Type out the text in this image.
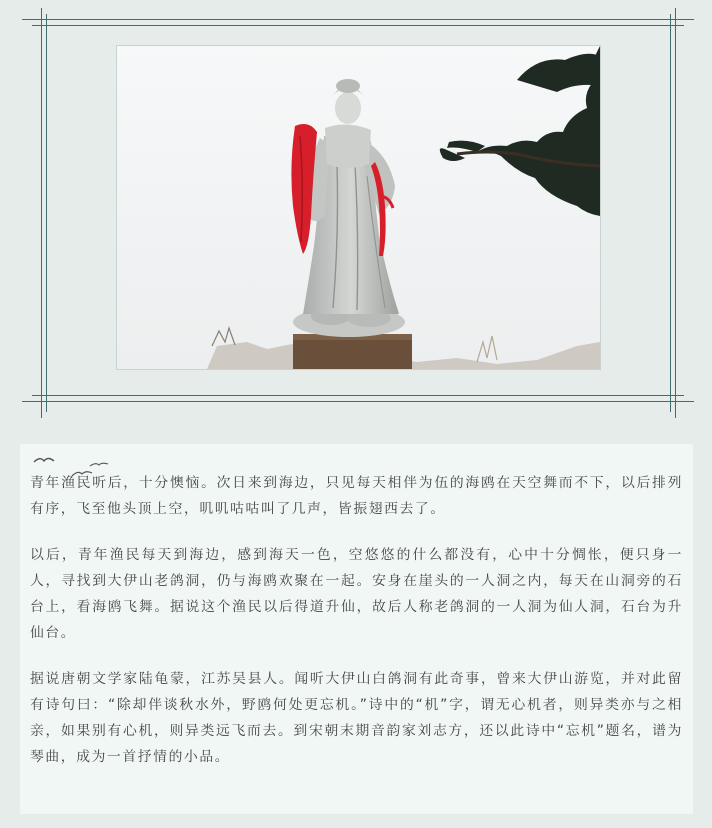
青年渔民听后，十分懊恼。次日来到海边，只见每天相伴为伍的海鸥在天空舞而不下，以后排列有序，飞至他头顶上空，叽叽咕咕叫了几声，皆振翅西去了。

以后，青年渔民每天到海边，感到海天一色，空悠悠的什么都没有，心中十分惆怅，便只身一人，寻找到大伊山老鸽洞，仍与海鸥欢聚在一起。安身在崖头的一人洞之内，每天在山洞旁的石台上，看海鸥飞舞。据说这个渔民以后得道升仙，故后人称老鸽洞的一人洞为仙人洞，石台为升仙台。

据说唐朝文学家陆龟蒙，江苏吴县人。闻听大伊山白鸽洞有此奇事，曾来大伊山游览，并对此留有诗句曰：“除却伴谈秋水外，野鸥何处更忘机。”诗中的“机”字，谓无心机者，则异类亦与之相亲，如果别有心机，则异类远飞而去。到宋朝末期音韵家刘志方，还以此诗中“忘机”题名，谱为琴曲，成为一首抒情的小品。
